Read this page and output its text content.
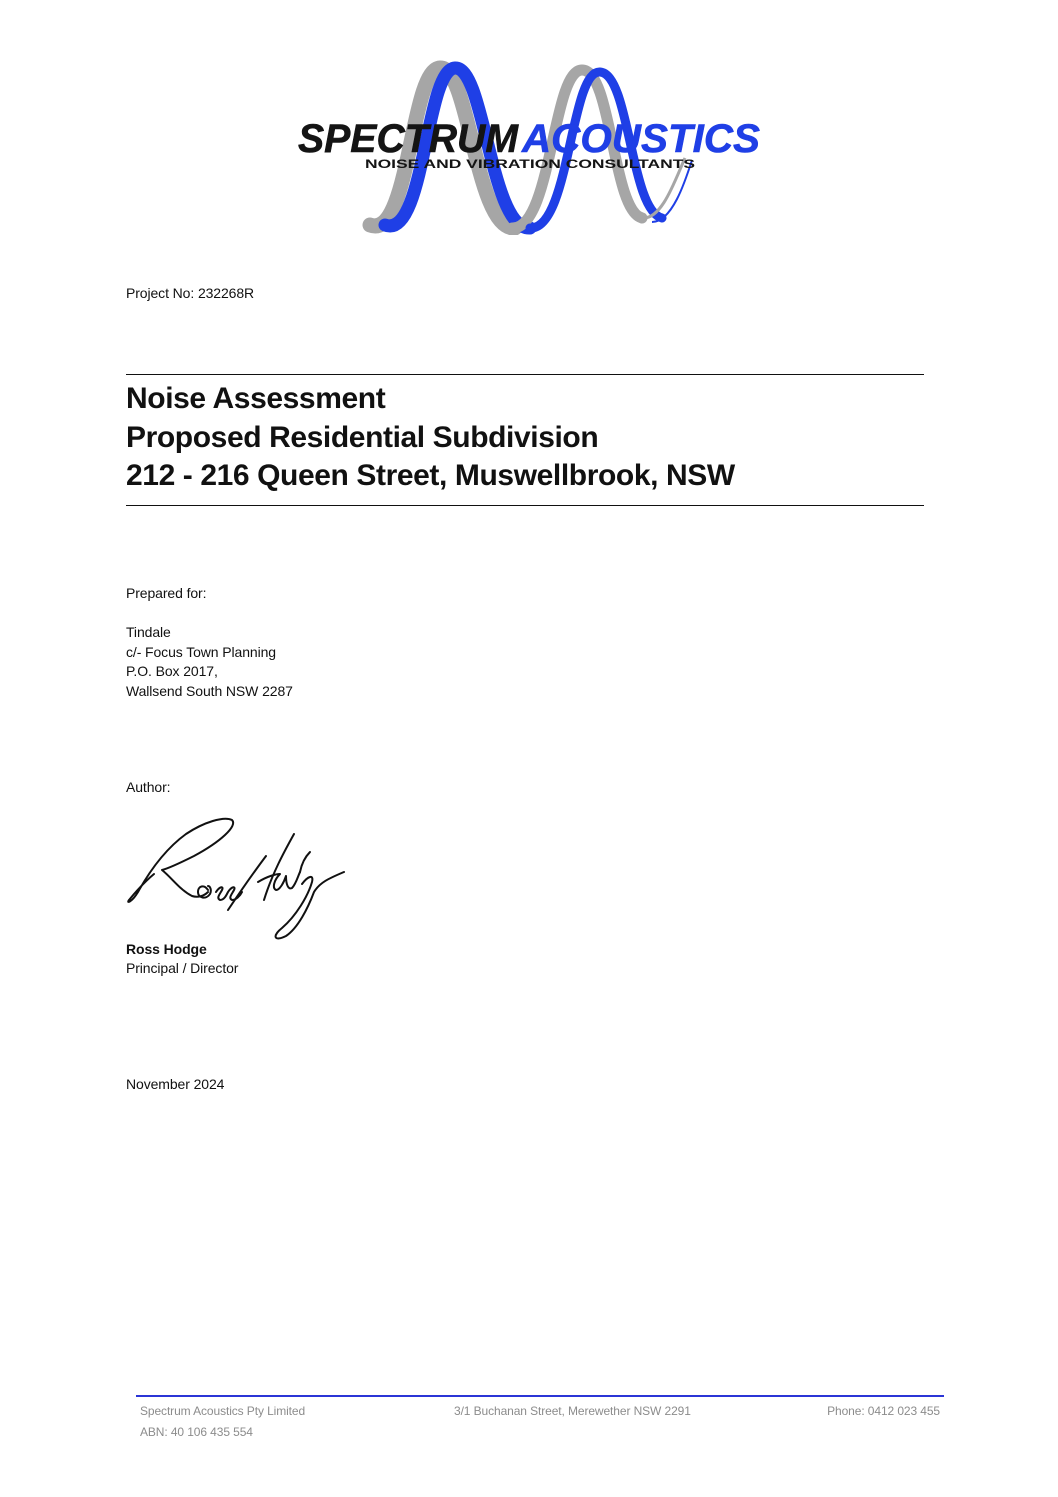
SPECTRUM ACOUSTICS
NOISE AND VIBRATION CONSULTANTS
Project No: 232268R
Noise Assessment
Proposed Residential Subdivision
212 - 216 Queen Street, Muswellbrook, NSW
Prepared for:
Tindale
c/- Focus Town Planning
P.O. Box 2017,
Wallsend South NSW 2287
Author:
Ross Hodge
Principal / Director
November 2024
Spectrum Acoustics Pty Limited	3/1 Buchanan Street, Merewether NSW 2291	Phone: 0412 023 455
ABN: 40 106 435 554
